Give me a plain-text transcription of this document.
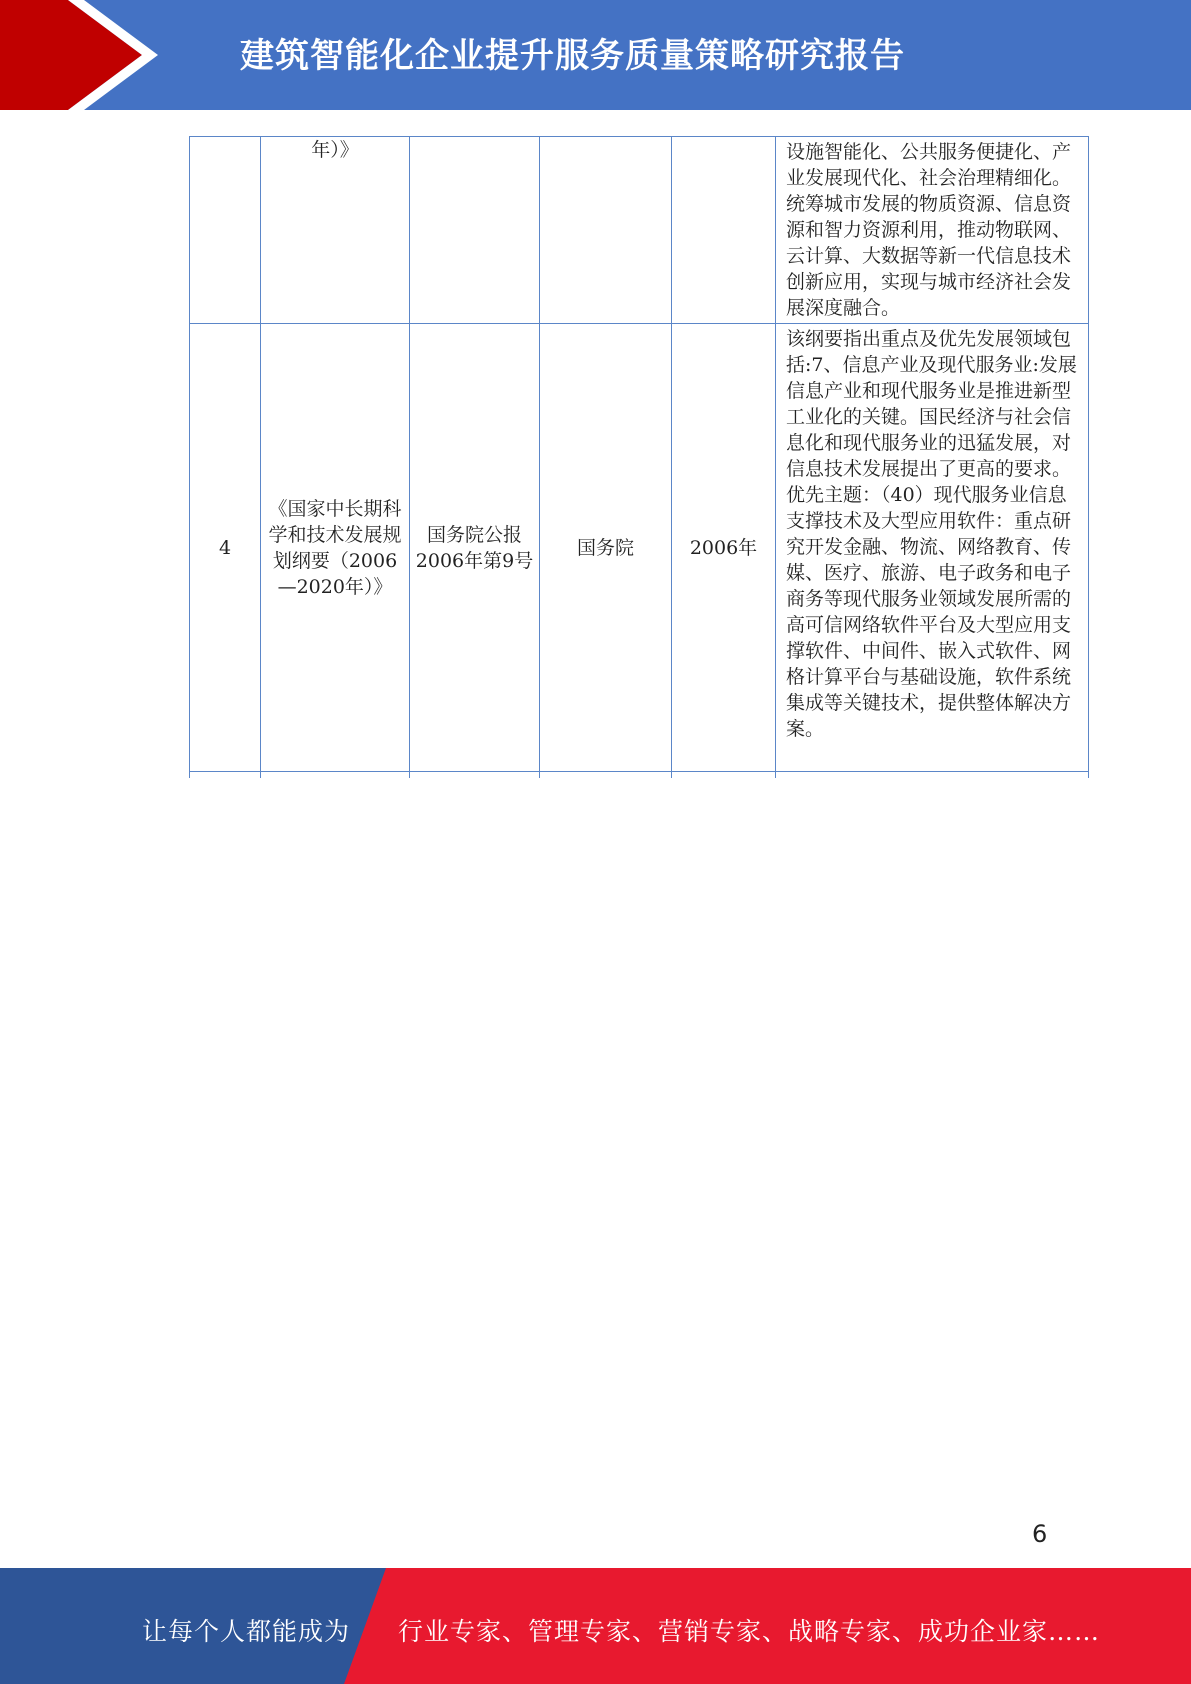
建筑智能化企业提升服务质量策略研究报告
	年）》				设施智能化、公共服务便捷化、产业发展现代化、社会治理精细化。统筹城市发展的物质资源、信息资源和智力资源利用，推动物联网、云计算、大数据等新一代信息技术创新应用，实现与城市经济社会发展深度融合。
4	《国家中长期科学和技术发展规划纲要（2006—2020年）》	国务院公报2006年第9号	国务院	2006年	该纲要指出重点及优先发展领域包括:7、信息产业及现代服务业:发展信息产业和现代服务业是推进新型工业化的关键。国民经济与社会信息化和现代服务业的迅猛发展，对信息技术发展提出了更高的要求。优先主题：（40）现代服务业信息支撑技术及大型应用软件：重点研究开发金融、物流、网络教育、传媒、医疗、旅游、电子政务和电子商务等现代服务业领域发展所需的高可信网络软件平台及大型应用支撑软件、中间件、嵌入式软件、网格计算平台与基础设施，软件系统集成等关键技术，提供整体解决方案。

6
让每个人都能成为 行业专家、管理专家、营销专家、战略专家、成功企业家……
